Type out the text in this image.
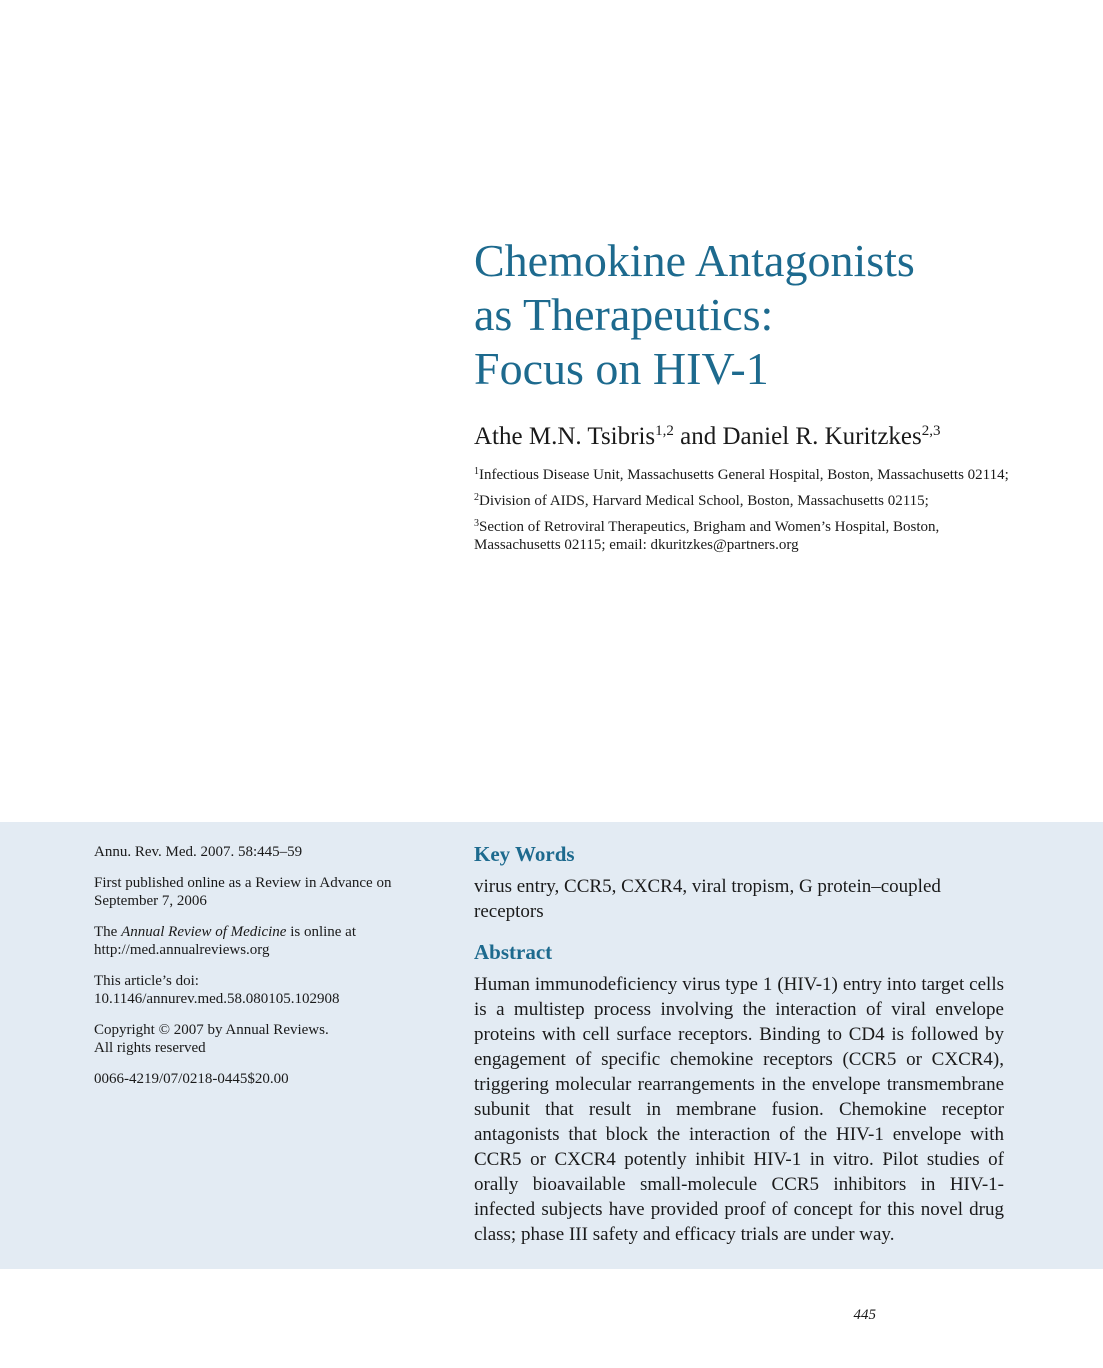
Chemokine Antagonists
as Therapeutics:
Focus on HIV-1
Athe M.N. Tsibris$^{1,2}$ and Daniel R. Kuritzkes$^{2,3}$

$^1$Infectious Disease Unit, Massachusetts General Hospital, Boston, Massachusetts 02114;

$^2$Division of AIDS, Harvard Medical School, Boston, Massachusetts 02115;

$^3$Section of Retroviral Therapeutics, Brigham and Women’s Hospital, Boston, Massachusetts 02115; email: dkuritzkes@partners.org

Annu. Rev. Med. 2007. 58:445–59

First published online as a Review in Advance on September 7, 2006

The Annual Review of Medicine is online at http://med.annualreviews.org

This article’s doi:
10.1146/annurev.med.58.080105.102908

Copyright © 2007 by Annual Reviews.
All rights reserved

0066-4219/07/0218-0445$20.00

Key Words

virus entry, CCR5, CXCR4, viral tropism, G protein–coupled receptors

Abstract

Human immunodeficiency virus type 1 (HIV-1) entry into target cells is a multistep process involving the interaction of viral envelope proteins with cell surface receptors. Binding to CD4 is followed by engagement of specific chemokine receptors (CCR5 or CXCR4), triggering molecular rearrangements in the envelope transmembrane subunit that result in membrane fusion. Chemokine receptor antagonists that block the interaction of the HIV-1 envelope with CCR5 or CXCR4 potently inhibit HIV-1 in vitro. Pilot studies of orally bioavailable small-molecule CCR5 inhibitors in HIV-1-infected subjects have provided proof of concept for this novel drug class; phase III safety and efficacy trials are under way.

445
